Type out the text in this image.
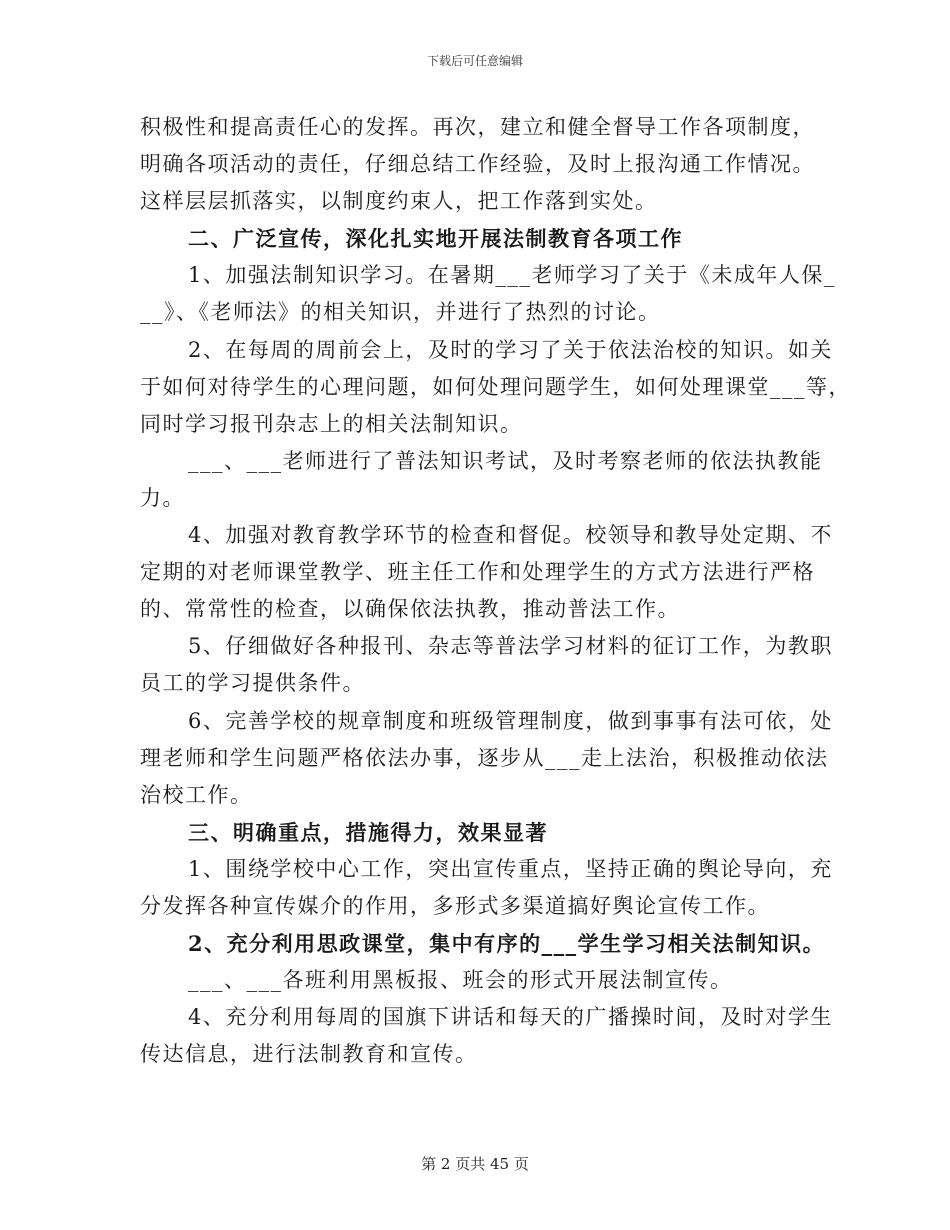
下载后可任意编辑
积极性和提高责任心的发挥。再次，建立和健全督导工作各项制度，
明确各项活动的责任，仔细总结工作经验，及时上报沟通工作情况。
这样层层抓落实，以制度约束人，把工作落到实处。
二、广泛宣传，深化扎实地开展法制教育各项工作
1、加强法制知识学习。在暑期___老师学习了关于《未成年人保_
__》、《老师法》的相关知识，并进行了热烈的讨论。
2、在每周的周前会上，及时的学习了关于依法治校的知识。如关
于如何对待学生的心理问题，如何处理问题学生，如何处理课堂___等，
同时学习报刊杂志上的相关法制知识。
___、___老师进行了普法知识考试，及时考察老师的依法执教能
力。
4、加强对教育教学环节的检查和督促。校领导和教导处定期、不
定期的对老师课堂教学、班主任工作和处理学生的方式方法进行严格
的、常常性的检查，以确保依法执教，推动普法工作。
5、仔细做好各种报刊、杂志等普法学习材料的征订工作，为教职
员工的学习提供条件。
6、完善学校的规章制度和班级管理制度，做到事事有法可依，处
理老师和学生问题严格依法办事，逐步从___走上法治，积极推动依法
治校工作。
三、明确重点，措施得力，效果显著
1、围绕学校中心工作，突出宣传重点，坚持正确的舆论导向，充
分发挥各种宣传媒介的作用，多形式多渠道搞好舆论宣传工作。
2、充分利用思政课堂，集中有序的___学生学习相关法制知识。
___、___各班利用黑板报、班会的形式开展法制宣传。
4、充分利用每周的国旗下讲话和每天的广播操时间，及时对学生
传达信息，进行法制教育和宣传。
第 2 页共 45 页
